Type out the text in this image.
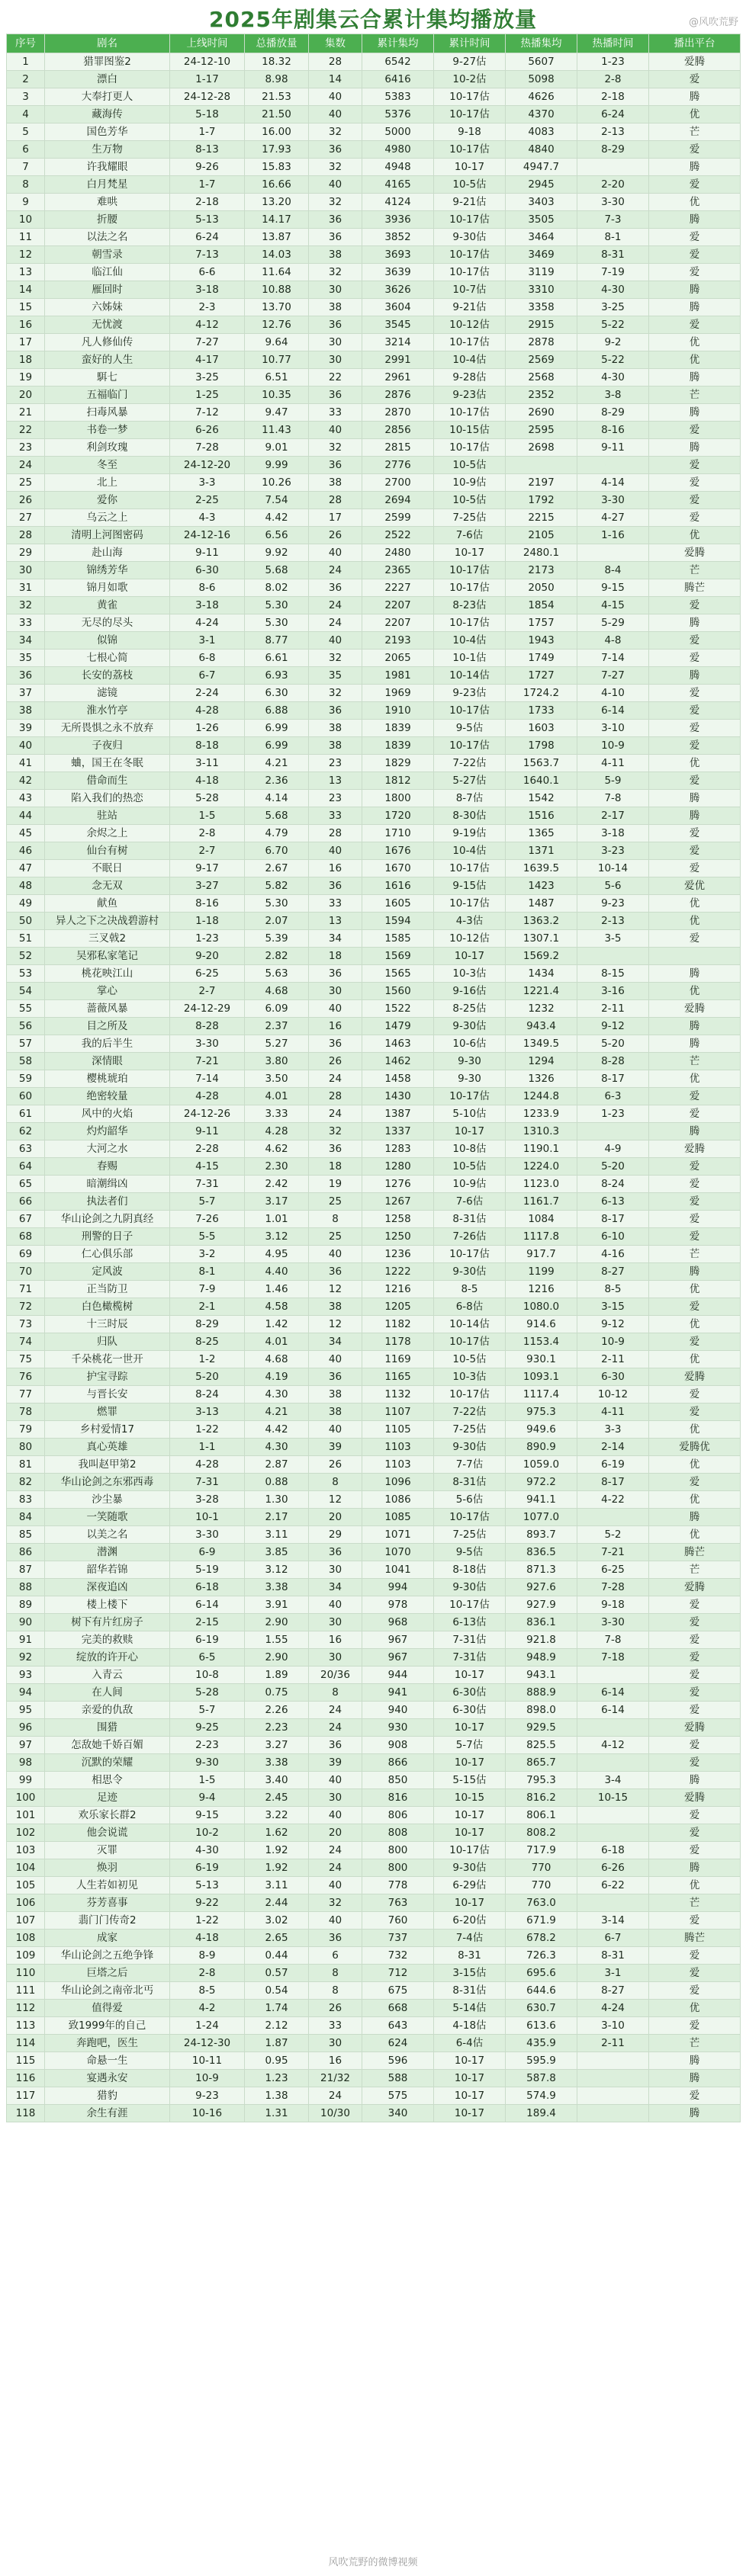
2025年剧集云合累计集均播放量	@风吹荒野
序号	剧名	上线时间	总播放量	集数	累计集均	累计时间	热播集均	热播时间	播出平台
1	猎罪图鉴2	24-12-10	18.32	28	6542	9-27估	5607	1-23	爱腾
2	漂白	1-17	8.98	14	6416	10-2估	5098	2-8	爱
3	大奉打更人	24-12-28	21.53	40	5383	10-17估	4626	2-18	腾
4	藏海传	5-18	21.50	40	5376	10-17估	4370	6-24	优
5	国色芳华	1-7	16.00	32	5000	9-18	4083	2-13	芒
6	生万物	8-13	17.93	36	4980	10-17估	4840	8-29	爱
7	许我耀眼	9-26	15.83	32	4948	10-17	4947.7		腾
8	白月梵星	1-7	16.66	40	4165	10-5估	2945	2-20	爱
9	难哄	2-18	13.20	32	4124	9-21估	3403	3-30	优
10	折腰	5-13	14.17	36	3936	10-17估	3505	7-3	腾
11	以法之名	6-24	13.87	36	3852	9-30估	3464	8-1	爱
12	朝雪录	7-13	14.03	38	3693	10-17估	3469	8-31	爱
13	临江仙	6-6	11.64	32	3639	10-17估	3119	7-19	爱
14	雁回时	3-18	10.88	30	3626	10-7估	3310	4-30	腾
15	六姊妹	2-3	13.70	38	3604	9-21估	3358	3-25	腾
16	无忧渡	4-12	12.76	36	3545	10-12估	2915	5-22	爱
17	凡人修仙传	7-27	9.64	30	3214	10-17估	2878	9-2	优
18	蛮好的人生	4-17	10.77	30	2991	10-4估	2569	5-22	优
19	駬七	3-25	6.51	22	2961	9-28估	2568	4-30	腾
20	五福临门	1-25	10.35	36	2876	9-23估	2352	3-8	芒
21	扫毒风暴	7-12	9.47	33	2870	10-17估	2690	8-29	腾
22	书卷一梦	6-26	11.43	40	2856	10-15估	2595	8-16	爱
23	利剑玫瑰	7-28	9.01	32	2815	10-17估	2698	9-11	腾
24	冬至	24-12-20	9.99	36	2776	10-5估			爱
25	北上	3-3	10.26	38	2700	10-9估	2197	4-14	爱
26	爱你	2-25	7.54	28	2694	10-5估	1792	3-30	爱
27	乌云之上	4-3	4.42	17	2599	7-25估	2215	4-27	爱
28	清明上河图密码	24-12-16	6.56	26	2522	7-6估	2105	1-16	优
29	赴山海	9-11	9.92	40	2480	10-17	2480.1		爱腾
30	锦绣芳华	6-30	5.68	24	2365	10-17估	2173	8-4	芒
31	锦月如歌	8-6	8.02	36	2227	10-17估	2050	9-15	腾芒
32	黄雀	3-18	5.30	24	2207	8-23估	1854	4-15	爱
33	无尽的尽头	4-24	5.30	24	2207	10-17估	1757	5-29	腾
34	似锦	3-1	8.77	40	2193	10-4估	1943	4-8	爱
35	七根心简	6-8	6.61	32	2065	10-1估	1749	7-14	爱
36	长安的荔枝	6-7	6.93	35	1981	10-14估	1727	7-27	腾
37	滤镜	2-24	6.30	32	1969	9-23估	1724.2	4-10	爱
38	淮水竹亭	4-28	6.88	36	1910	10-17估	1733	6-14	爱
39	无所畏惧之永不放弃	1-26	6.99	38	1839	9-5估	1603	3-10	爱
40	子夜归	8-18	6.99	38	1839	10-17估	1798	10-9	爱
41	蛐，国王在冬眠	3-11	4.21	23	1829	7-22估	1563.7	4-11	优
42	借命而生	4-18	2.36	13	1812	5-27估	1640.1	5-9	爱
43	陷入我们的热恋	5-28	4.14	23	1800	8-7估	1542	7-8	腾
44	驻站	1-5	5.68	33	1720	8-30估	1516	2-17	腾
45	余烬之上	2-8	4.79	28	1710	9-19估	1365	3-18	爱
46	仙台有树	2-7	6.70	40	1676	10-4估	1371	3-23	爱
47	不眠日	9-17	2.67	16	1670	10-17估	1639.5	10-14	爱
48	念无双	3-27	5.82	36	1616	9-15估	1423	5-6	爱优
49	献鱼	8-16	5.30	33	1605	10-17估	1487	9-23	优
50	异人之下之决战碧游村	1-18	2.07	13	1594	4-3估	1363.2	2-13	优
51	三叉戟2	1-23	5.39	34	1585	10-12估	1307.1	3-5	爱
52	吴邪私家笔记	9-20	2.82	18	1569	10-17	1569.2		
53	桃花映江山	6-25	5.63	36	1565	10-3估	1434	8-15	腾
54	掌心	2-7	4.68	30	1560	9-16估	1221.4	3-16	优
55	蔷薇风暴	24-12-29	6.09	40	1522	8-25估	1232	2-11	爱腾
56	目之所及	8-28	2.37	16	1479	9-30估	943.4	9-12	腾
57	我的后半生	3-30	5.27	36	1463	10-6估	1349.5	5-20	腾
58	深情眼	7-21	3.80	26	1462	9-30	1294	8-28	芒
59	樱桃琥珀	7-14	3.50	24	1458	9-30	1326	8-17	优
60	绝密较量	4-28	4.01	28	1430	10-17估	1244.8	6-3	爱
61	风中的火焰	24-12-26	3.33	24	1387	5-10估	1233.9	1-23	爱
62	灼灼韶华	9-11	4.28	32	1337	10-17	1310.3		腾
63	大河之水	2-28	4.62	36	1283	10-8估	1190.1	4-9	爱腾
64	春赐	4-15	2.30	18	1280	10-5估	1224.0	5-20	爱
65	暗潮缉凶	7-31	2.42	19	1276	10-9估	1123.0	8-24	爱
66	执法者们	5-7	3.17	25	1267	7-6估	1161.7	6-13	爱
67	华山论剑之九阴真经	7-26	1.01	8	1258	8-31估	1084	8-17	爱
68	刑警的日子	5-5	3.12	25	1250	7-26估	1117.8	6-10	爱
69	仁心俱乐部	3-2	4.95	40	1236	10-17估	917.7	4-16	芒
70	定风波	8-1	4.40	36	1222	9-30估	1199	8-27	腾
71	正当防卫	7-9	1.46	12	1216	8-5	1216	8-5	优
72	白色橄榄树	2-1	4.58	38	1205	6-8估	1080.0	3-15	爱
73	十三时辰	8-29	1.42	12	1182	10-14估	914.6	9-12	优
74	归队	8-25	4.01	34	1178	10-17估	1153.4	10-9	爱
75	千朵桃花一世开	1-2	4.68	40	1169	10-5估	930.1	2-11	优
76	护宝寻踪	5-20	4.19	36	1165	10-3估	1093.1	6-30	爱腾
77	与晋长安	8-24	4.30	38	1132	10-17估	1117.4	10-12	爱
78	燃罪	3-13	4.21	38	1107	7-22估	975.3	4-11	爱
79	乡村爱情17	1-22	4.42	40	1105	7-25估	949.6	3-3	优
80	真心英雄	1-1	4.30	39	1103	9-30估	890.9	2-14	爱腾优
81	我叫赵甲第2	4-28	2.87	26	1103	7-7估	1059.0	6-19	优
82	华山论剑之东邪西毒	7-31	0.88	8	1096	8-31估	972.2	8-17	爱
83	沙尘暴	3-28	1.30	12	1086	5-6估	941.1	4-22	优
84	一笑随歌	10-1	2.17	20	1085	10-17估	1077.0		腾
85	以美之名	3-30	3.11	29	1071	7-25估	893.7	5-2	优
86	潜渊	6-9	3.85	36	1070	9-5估	836.5	7-21	腾芒
87	韶华若锦	5-19	3.12	30	1041	8-18估	871.3	6-25	芒
88	深夜追凶	6-18	3.38	34	994	9-30估	927.6	7-28	爱腾
89	楼上楼下	6-14	3.91	40	978	10-17估	927.9	9-18	爱
90	树下有片红房子	2-15	2.90	30	968	6-13估	836.1	3-30	爱
91	完美的救赎	6-19	1.55	16	967	7-31估	921.8	7-8	爱
92	绽放的许开心	6-5	2.90	30	967	7-31估	948.9	7-18	爱
93	入青云	10-8	1.89	20/36	944	10-17	943.1		爱
94	在人间	5-28	0.75	8	941	6-30估	888.9	6-14	爱
95	亲爱的仇敌	5-7	2.26	24	940	6-30估	898.0	6-14	爱
96	围猎	9-25	2.23	24	930	10-17	929.5		爱腾
97	怎敌她千娇百媚	2-23	3.27	36	908	5-7估	825.5	4-12	爱
98	沉默的荣耀	9-30	3.38	39	866	10-17	865.7		爱
99	相思令	1-5	3.40	40	850	5-15估	795.3	3-4	腾
100	足迹	9-4	2.45	30	816	10-15	816.2	10-15	爱腾
101	欢乐家长群2	9-15	3.22	40	806	10-17	806.1		爱
102	他会说谎	10-2	1.62	20	808	10-17	808.2		爱
103	灭罪	4-30	1.92	24	800	10-17估	717.9	6-18	爱
104	焕羽	6-19	1.92	24	800	9-30估	770	6-26	腾
105	人生若如初见	5-13	3.11	40	778	6-29估	770	6-22	优
106	芬芳喜事	9-22	2.44	32	763	10-17	763.0		芒
107	翡门门传奇2	1-22	3.02	40	760	6-20估	671.9	3-14	爱
108	成家	4-18	2.65	36	737	7-4估	678.2	6-7	腾芒
109	华山论剑之五绝争锋	8-9	0.44	6	732	8-31	726.3	8-31	爱
110	巨塔之后	2-8	0.57	8	712	3-15估	695.6	3-1	爱
111	华山论剑之南帝北丐	8-5	0.54	8	675	8-31估	644.6	8-27	爱
112	值得爱	4-2	1.74	26	668	5-14估	630.7	4-24	优
113	致1999年的自己	1-24	2.12	33	643	4-18估	613.6	3-10	爱
114	奔跑吧，医生	24-12-30	1.87	30	624	6-4估	435.9	2-11	芒
115	命悬一生	10-11	0.95	16	596	10-17	595.9		腾
116	宴遇永安	10-9	1.23	21/32	588	10-17	587.8		腾
117	猎豹	9-23	1.38	24	575	10-17	574.9		爱
118	余生有涯	10-16	1.31	10/30	340	10-17	189.4		腾
风吹荒野的微博视频
